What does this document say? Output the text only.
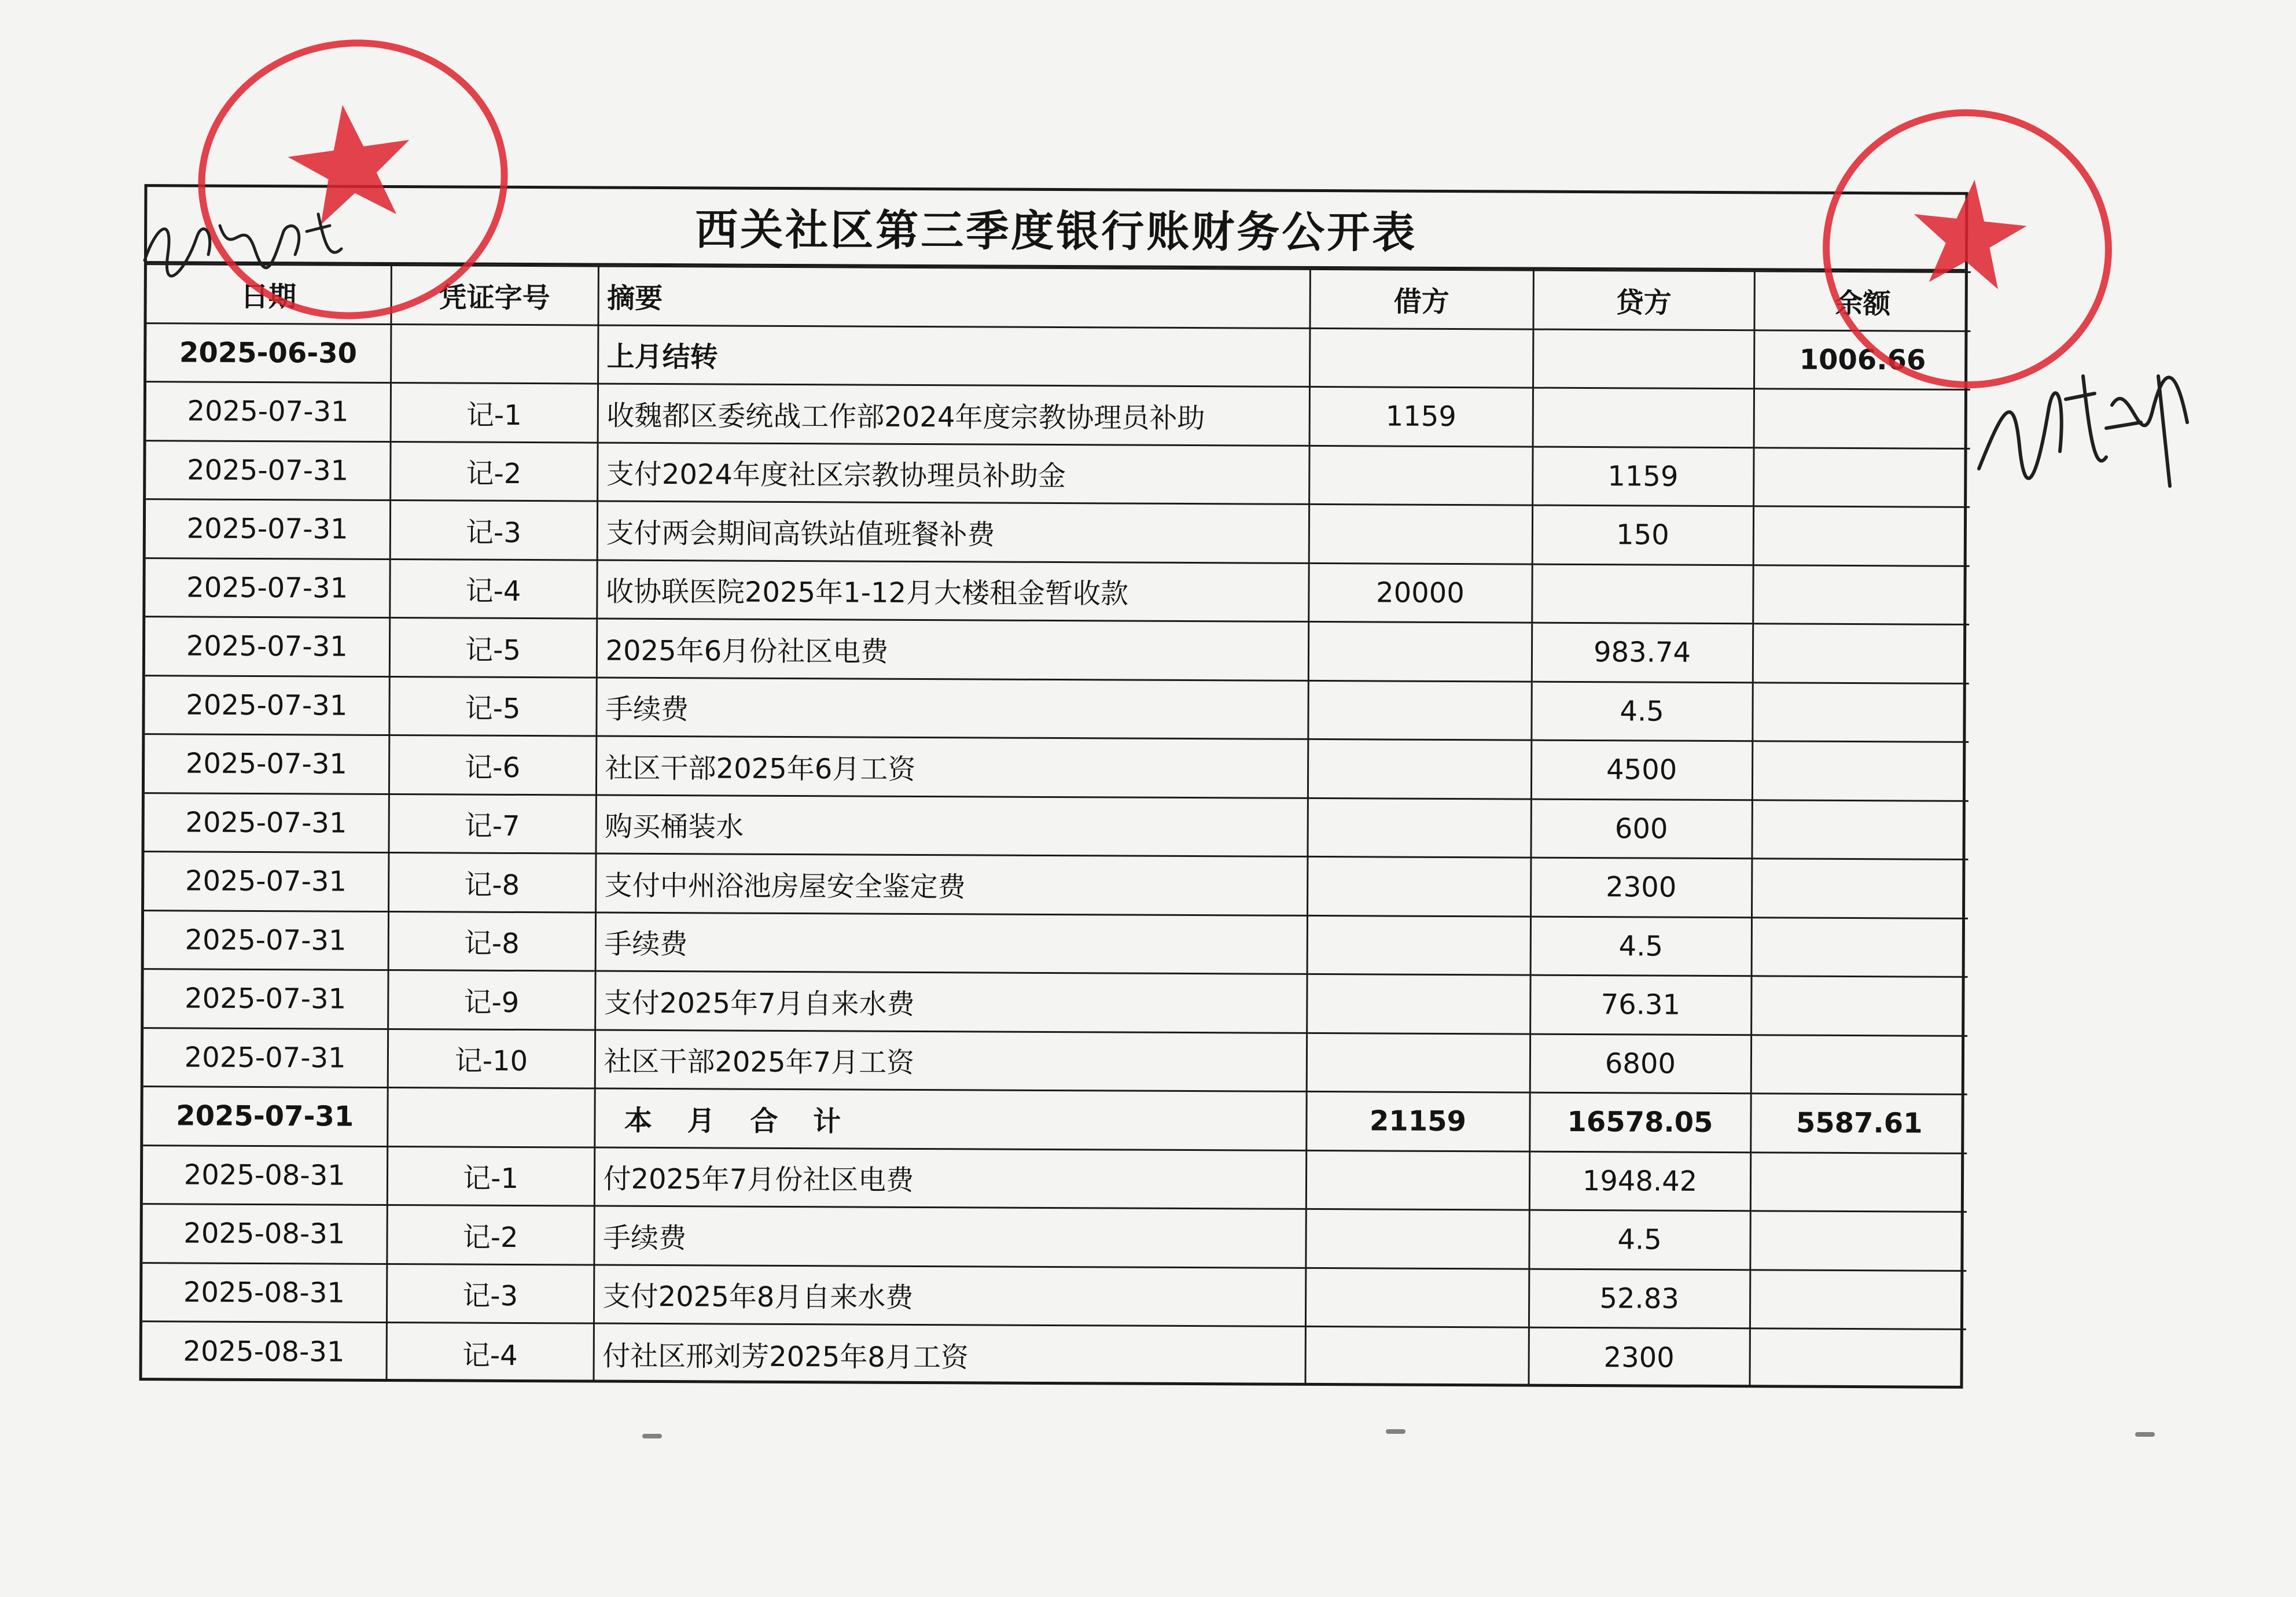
西关社区第三季度银行账财务公开表
日期	凭证字号	摘要	借方	贷方	余额
2025-06-30		上月结转			1006.66
2025-07-31	记-1	收魏都区委统战工作部2024年度宗教协理员补助	1159		
2025-07-31	记-2	支付2024年度社区宗教协理员补助金		1159	
2025-07-31	记-3	支付两会期间高铁站值班餐补费		150	
2025-07-31	记-4	收协联医院2025年1-12月大楼租金暂收款	20000		
2025-07-31	记-5	2025年6月份社区电费		983.74	
2025-07-31	记-5	手续费		4.5	
2025-07-31	记-6	社区干部2025年6月工资		4500	
2025-07-31	记-7	购买桶装水		600	
2025-07-31	记-8	支付中州浴池房屋安全鉴定费		2300	
2025-07-31	记-8	手续费		4.5	
2025-07-31	记-9	支付2025年7月自来水费		76.31	
2025-07-31	记-10	社区干部2025年7月工资		6800	
2025-07-31		本 月 合 计	21159	16578.05	5587.61
2025-08-31	记-1	付2025年7月份社区电费		1948.42	
2025-08-31	记-2	手续费		4.5	
2025-08-31	记-3	支付2025年8月自来水费		52.83	
2025-08-31	记-4	付社区邢刘芳2025年8月工资		2300	
